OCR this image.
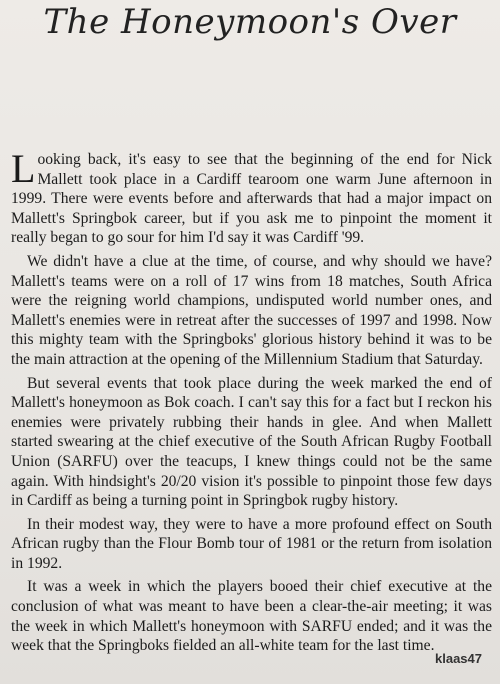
The Honeymoon's Over

Looking back, it's easy to see that the beginning of the end for Nick Mallett took place in a Cardiff tearoom one warm June afternoon in 1999. There were events before and afterwards that had a major impact on Mallett's Springbok career, but if you ask me to pinpoint the moment it really began to go sour for him I'd say it was Cardiff '99.

We didn't have a clue at the time, of course, and why should we have? Mallett's teams were on a roll of 17 wins from 18 matches, South Africa were the reigning world champions, undisputed world number ones, and Mallett's enemies were in retreat after the successes of 1997 and 1998. Now this mighty team with the Springboks' glorious history behind it was to be the main attraction at the opening of the Millennium Stadium that Saturday.

But several events that took place during the week marked the end of Mallett's honeymoon as Bok coach. I can't say this for a fact but I reckon his enemies were privately rubbing their hands in glee. And when Mallett started swearing at the chief executive of the South African Rugby Football Union (SARFU) over the teacups, I knew things could not be the same again. With hindsight's 20/20 vision it's possible to pinpoint those few days in Cardiff as being a turning point in Springbok rugby history.

In their modest way, they were to have a more profound effect on South African rugby than the Flour Bomb tour of 1981 or the return from isolation in 1992.

It was a week in which the players booed their chief executive at the conclusion of what was meant to have been a clear-the-air meeting; it was the week in which Mallett's honeymoon with SARFU ended; and it was the week that the Springboks fielded an all-white team for the last time.

klaas47
